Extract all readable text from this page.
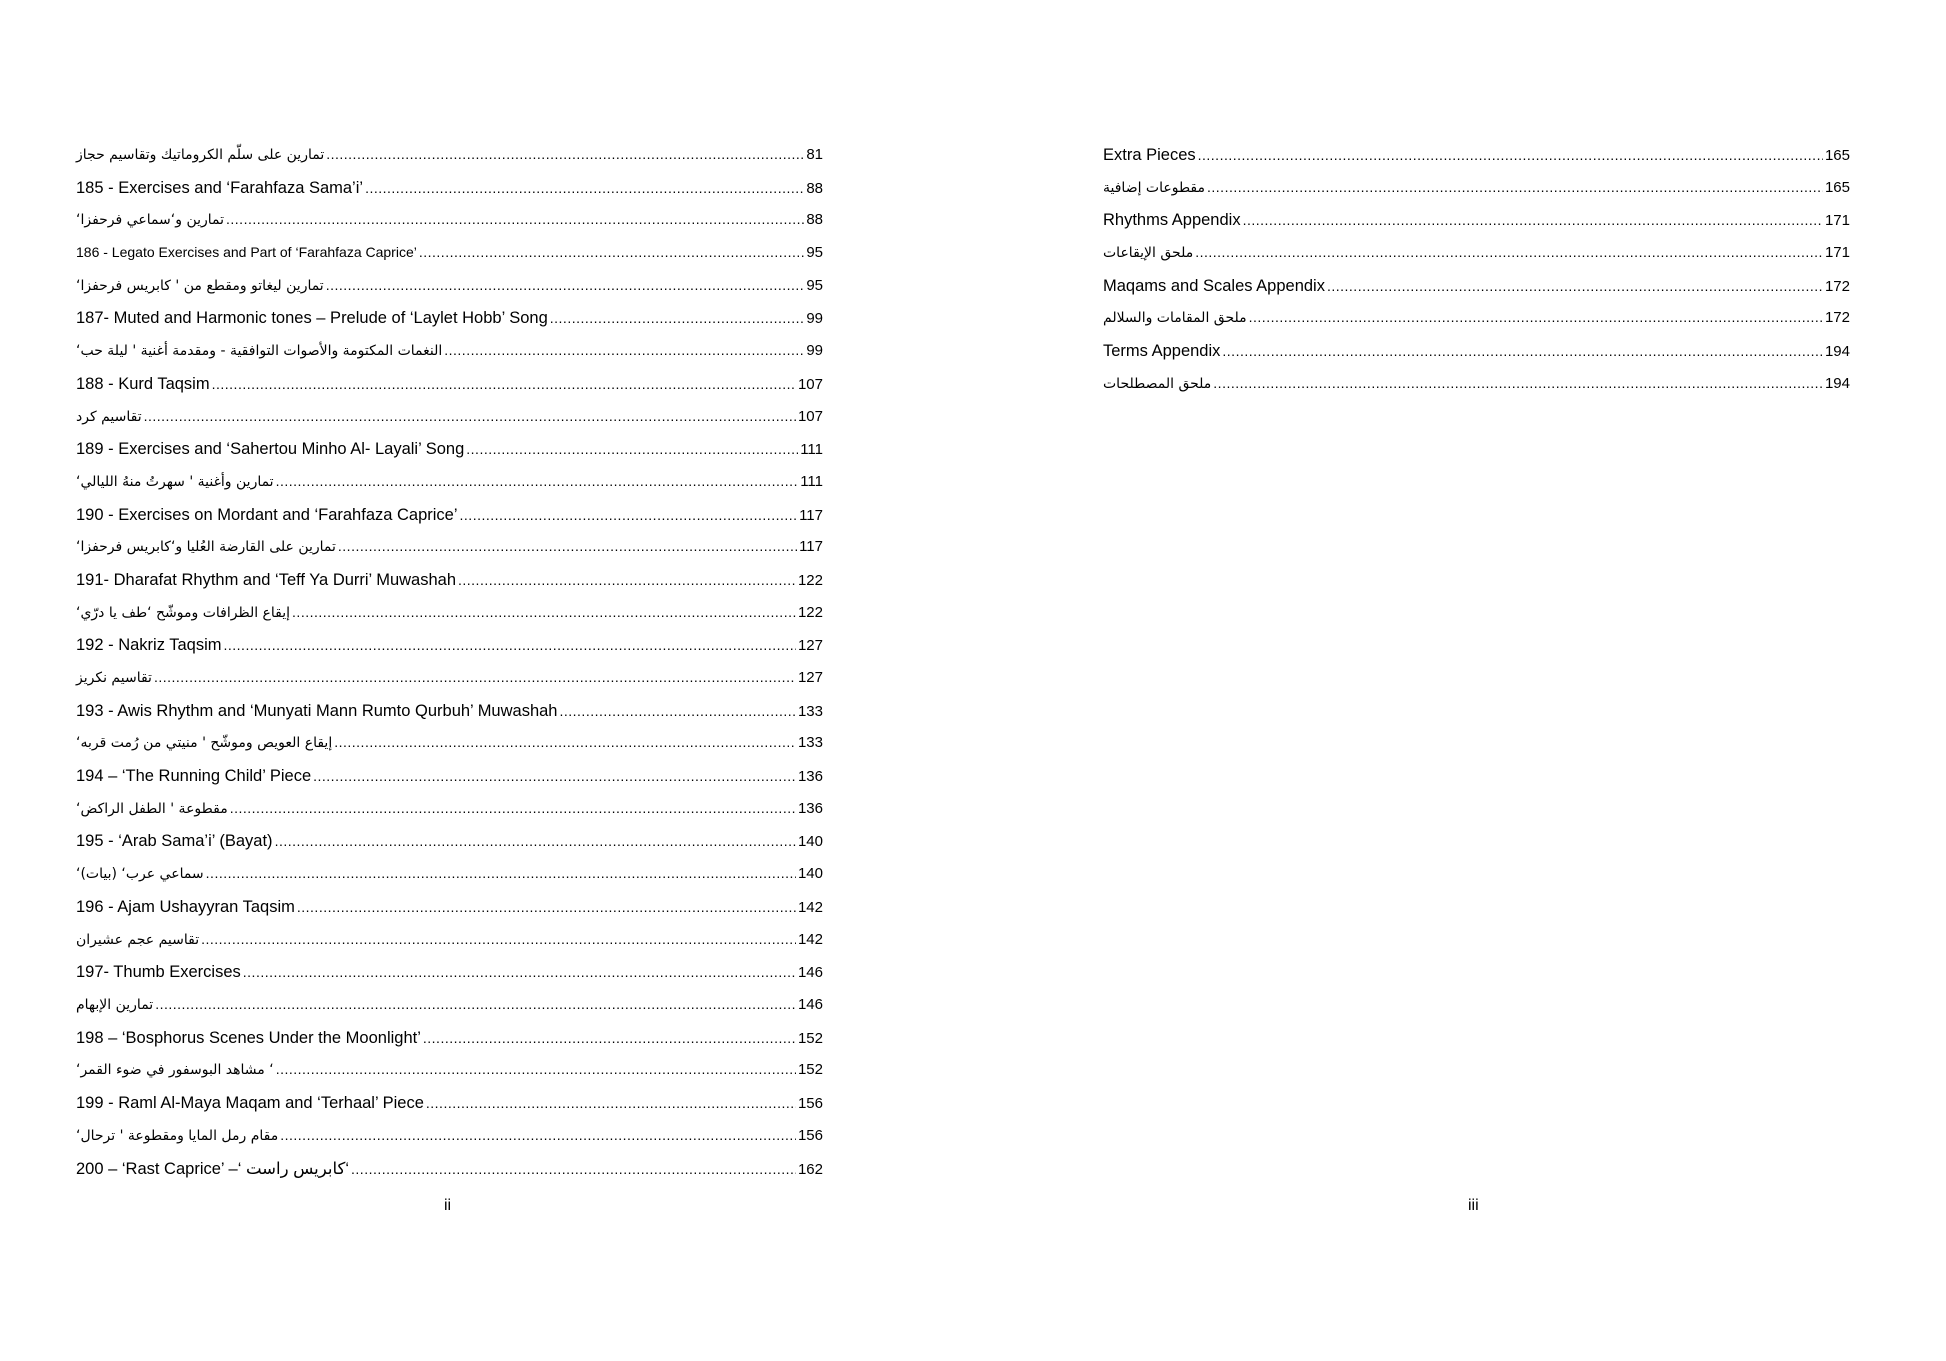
تمارين على سلّم الكروماتيك وتقاسيم حجاز .....	81
185 - Exercises and ‘Farahfaza Sama’i’ .....	88
تمارين و‘سماعي فرحفزا‘ .....	88
186 - Legato Exercises and Part of ‘Farahfaza Caprice’ .....	95
تمارين ليغاتو ومقطع من ' كابريس فرحفزا‘ .....	95
187- Muted and Harmonic tones – Prelude of ‘Laylet Hobb’ Song .....	99
النغمات المكتومة والأصوات التوافقية - ومقدمة أغنية ' ليلة حب‘ .....	99
188 - Kurd Taqsim .....	107
تقاسيم كرد .....	107
189 - Exercises and ‘Sahertou Minho Al- Layali’ Song .....	111
تمارين وأغنية ' سهرتُ منهُ الليالي‘ .....	111
190 - Exercises on Mordant and ‘Farahfaza Caprice’ .....	117
تمارين على القارضة العُليا و‘كابريس فرحفزا‘ .....	117
191- Dharafat Rhythm and ‘Teff Ya Durri’ Muwashah .....	122
إيقاع الظرافات وموشّح ‘طف يا درّي‘ .....	122
192 - Nakriz Taqsim .....	127
تقاسيم نكريز .....	127
193 - Awis Rhythm and ‘Munyati Mann Rumto Qurbuh’ Muwashah .....	133
إيقاع العويص وموشّح ' منيتي من رُمت قربه‘ .....	133
194 – ‘The Running Child’ Piece .....	136
مقطوعة ' الطفل الراكض‘ .....	136
195 - ‘Arab Sama’i’ (Bayat) .....	140
سماعي عرب‘ (بيات)‘ .....	140
196 - Ajam Ushayyran Taqsim .....	142
تقاسيم عجم عشيران .....	142
197- Thumb Exercises .....	146
تمارين الإبهام .....	146
198 – ‘Bosphorus Scenes Under the Moonlight’ .....	152
‘ مشاهد البوسفور في ضوء القمر‘ .....	152
199 - Raml Al-Maya Maqam and ‘Terhaal’ Piece .....	156
مقام رمل المايا ومقطوعة ' ترحال‘ .....	156
200 – ‘Rast Caprice’ –‘ كابريس راست‘ .....	162
ii
Extra Pieces .....	165
مقطوعات إضافية .....	165
Rhythms Appendix .....	171
ملحق الإيقاعات .....	171
Maqams and Scales Appendix .....	172
ملحق المقامات والسلالم .....	172
Terms Appendix .....	194
ملحق المصطلحات .....	194
iii
